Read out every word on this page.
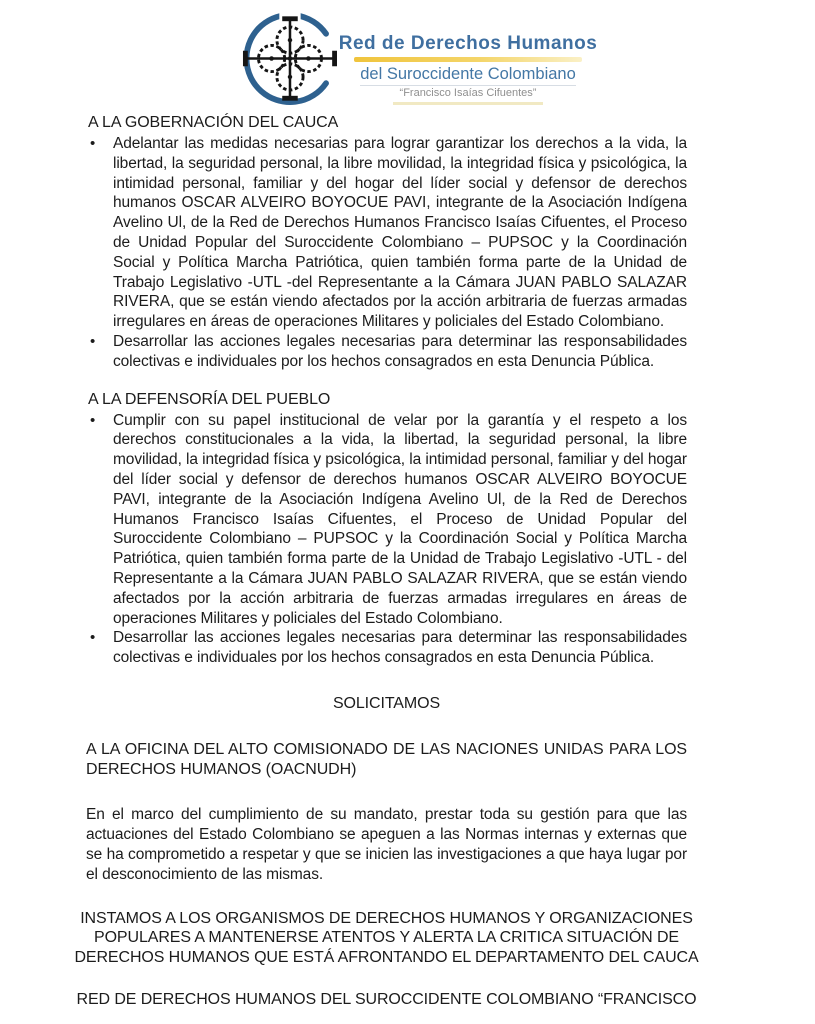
Red de Derechos Humanos
del Suroccidente Colombiano
“Francisco Isaías Cifuentes”
A LA GOBERNACIÓN DEL CAUCA
•	Adelantar las medidas necesarias para lograr garantizar los derechos a la vida, la libertad, la seguridad personal, la libre movilidad, la integridad física y psicológica, la intimidad personal, familiar y del hogar del líder social y defensor de derechos humanos OSCAR ALVEIRO BOYOCUE PAVI, integrante de la Asociación Indígena Avelino Ul, de la Red de Derechos Humanos Francisco Isaías Cifuentes, el Proceso de Unidad Popular del Suroccidente Colombiano – PUPSOC y la Coordinación Social y Política Marcha Patriótica, quien también forma parte de la Unidad de Trabajo Legislativo -UTL -del Representante a la Cámara JUAN PABLO SALAZAR RIVERA, que se están viendo afectados por la acción arbitraria de fuerzas armadas irregulares en áreas de operaciones Militares y policiales del Estado Colombiano.
•	Desarrollar las acciones legales necesarias para determinar las responsabilidades colectivas e individuales por los hechos consagrados en esta Denuncia Pública.
A LA DEFENSORÍA DEL PUEBLO
•	Cumplir con su papel institucional de velar por la garantía y el respeto a los derechos constitucionales a la vida, la libertad, la seguridad personal, la libre movilidad, la integridad física y psicológica, la intimidad personal, familiar y del hogar del líder social y defensor de derechos humanos OSCAR ALVEIRO BOYOCUE PAVI, integrante de la Asociación Indígena Avelino Ul, de la Red de Derechos Humanos Francisco Isaías Cifuentes, el Proceso de Unidad Popular del Suroccidente Colombiano – PUPSOC y la Coordinación Social y Política Marcha Patriótica, quien también forma parte de la Unidad de Trabajo Legislativo -UTL - del Representante a la Cámara JUAN PABLO SALAZAR RIVERA, que se están viendo afectados por la acción arbitraria de fuerzas armadas irregulares en áreas de operaciones Militares y policiales del Estado Colombiano.
•	Desarrollar las acciones legales necesarias para determinar las responsabilidades colectivas e individuales por los hechos consagrados en esta Denuncia Pública.
SOLICITAMOS
A LA OFICINA DEL ALTO COMISIONADO DE LAS NACIONES UNIDAS PARA LOS DERECHOS HUMANOS (OACNUDH)

En el marco del cumplimiento de su mandato, prestar toda su gestión para que las actuaciones del Estado Colombiano se apeguen a las Normas internas y externas que se ha comprometido a respetar y que se inicien las investigaciones a que haya lugar por el desconocimiento de las mismas.

INSTAMOS A LOS ORGANISMOS DE DERECHOS HUMANOS Y ORGANIZACIONES POPULARES A MANTENERSE ATENTOS Y ALERTA LA CRITICA SITUACIÓN DE DERECHOS HUMANOS QUE ESTÁ AFRONTANDO EL DEPARTAMENTO DEL CAUCA
RED DE DERECHOS HUMANOS DEL SUROCCIDENTE COLOMBIANO “FRANCISCO
